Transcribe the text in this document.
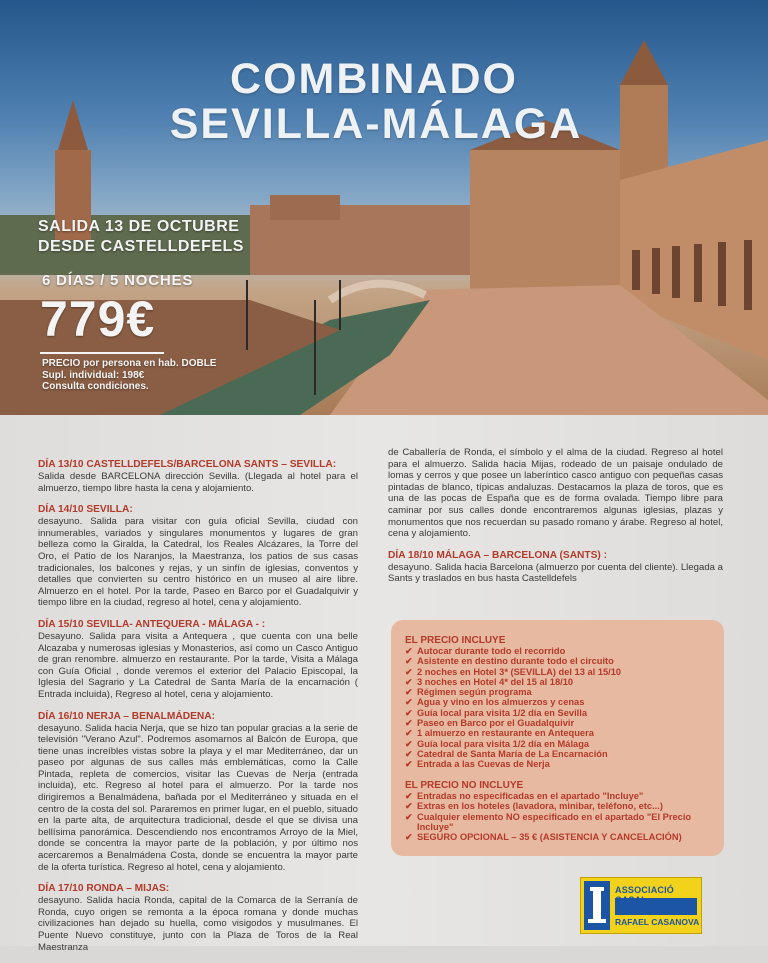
COMBINADO
SEVILLA-MÁLAGA
SALIDA 13 DE OCTUBRE
DESDE CASTELLDEFELS
6 DÍAS / 5 NOCHES
779€
PRECIO por persona en hab. DOBLE
Supl. individual: 198€
Consulta condiciones.
DÍA 13/10 CASTELLDEFELS/BARCELONA SANTS – SEVILLA:

Salida desde BARCELONA dirección Sevilla. (Llegada al hotel para el almuerzo, tiempo libre hasta la cena y alojamiento.

DÍA 14/10 SEVILLA:

desayuno. Salida para visitar con guía oficial Sevilla, ciudad con innumerables, variados y singulares monumentos y lugares de gran belleza como la Giralda, la Catedral, los Reales Alcázares, la Torre del Oro, el Patio de los Naranjos, la Maestranza, los patios de sus casas tradicionales, los balcones y rejas, y un sinfín de iglesias, conventos y detalles que convierten su centro histórico en un museo al aire libre. Almuerzo en el hotel. Por la tarde, Paseo en Barco por el Guadalquivir y tiempo libre en la ciudad, regreso al hotel, cena y alojamiento.

DÍA 15/10 SEVILLA- ANTEQUERA - MÁLAGA - :

Desayuno. Salida para visita a Antequera , que cuenta con una belle Alcazaba y numerosas iglesias y Monasterios, así como un Casco Antiguo de gran renombre. almuerzo en restaurante. Por la tarde, Visita a Málaga con Guía Oficial , donde veremos el exterior del Palacio Episcopal, la Iglesia del Sagrario y La Catedral de Santa María de la encarnación ( Entrada incluida), Regreso al hotel, cena y alojamiento.

DÍA 16/10 NERJA – BENALMÁDENA:

desayuno. Salida hacia Nerja, que se hizo tan popular gracias a la serie de televisión "Verano Azul". Podremos asomarnos al Balcón de Europa, que tiene unas increíbles vistas sobre la playa y el mar Mediterráneo, dar un paseo por algunas de sus calles más emblemáticas, como la Calle Pintada, repleta de comercios, visitar las Cuevas de Nerja (entrada incluida), etc. Regreso al hotel para el almuerzo. Por la tarde nos dirigiremos a Benalmádena, bañada por el Mediterráneo y situada en el centro de la costa del sol. Pararemos en primer lugar, en el pueblo, situado en la parte alta, de arquitectura tradicional, desde el que se divisa una bellísima panorámica. Descendiendo nos encontramos Arroyo de la Miel, donde se concentra la mayor parte de la población, y por último nos acercaremos a Benalmádena Costa, donde se encuentra la mayor parte de la oferta turística. Regreso al hotel, cena y alojamiento.

DÍA 17/10 RONDA – MIJAS:

desayuno. Salida hacia Ronda, capital de la Comarca de la Serranía de Ronda, cuyo origen se remonta a la época romana y donde muchas civilizaciones han dejado su huella, como visigodos y musulmanes. El Puente Nuevo constituye, junto con la Plaza de Toros de la Real Maestranza

de Caballería de Ronda, el símbolo y el alma de la ciudad. Regreso al hotel para el almuerzo. Salida hacia Mijas, rodeado de un paisaje ondulado de lomas y cerros y que posee un laberíntico casco antiguo con pequeñas casas pintadas de blanco, típicas andaluzas. Destacamos la plaza de toros, que es una de las pocas de España que es de forma ovalada. Tiempo libre para caminar por sus calles donde encontraremos algunas iglesias, plazas y monumentos que nos recuerdan su pasado romano y árabe. Regreso al hotel, cena y alojamiento.

DÍA 18/10 MÁLAGA – BARCELONA (SANTS) :

desayuno. Salida hacia Barcelona (almuerzo por cuenta del cliente). Llegada a Sants y traslados en bus hasta Castelldefels

EL PRECIO INCLUYE
✔ Autocar durante todo el recorrido
✔ Asistente en destino durante todo el circuito
✔ 2 noches en Hotel 3* (SEVILLA) del 13 al 15/10
✔ 3 noches en Hotel 4* del 15 al 18/10
✔ Régimen según programa
✔ Agua y vino en los almuerzos y cenas
✔ Guía local para visita 1/2 día en Sevilla
✔ Paseo en Barco por el Guadalquivir
✔ 1 almuerzo en restaurante en Antequera
✔ Guía local para visita 1/2 día en Málaga
✔ Catedral de Santa María de La Encarnación
✔ Entrada a las Cuevas de Nerja
EL PRECIO NO INCLUYE
✔ Entradas no especificadas en el apartado "Incluye"
✔ Extras en los hoteles (lavadora, minibar, teléfono, etc...)
✔ Cualquier elemento NO especificado en el apartado "El Precio Incluye"
✔ SEGURO OPCIONAL – 35 € (ASISTENCIA Y CANCELACIÓN)
ASSOCIACIÓ
RAFAEL CASANOVA
